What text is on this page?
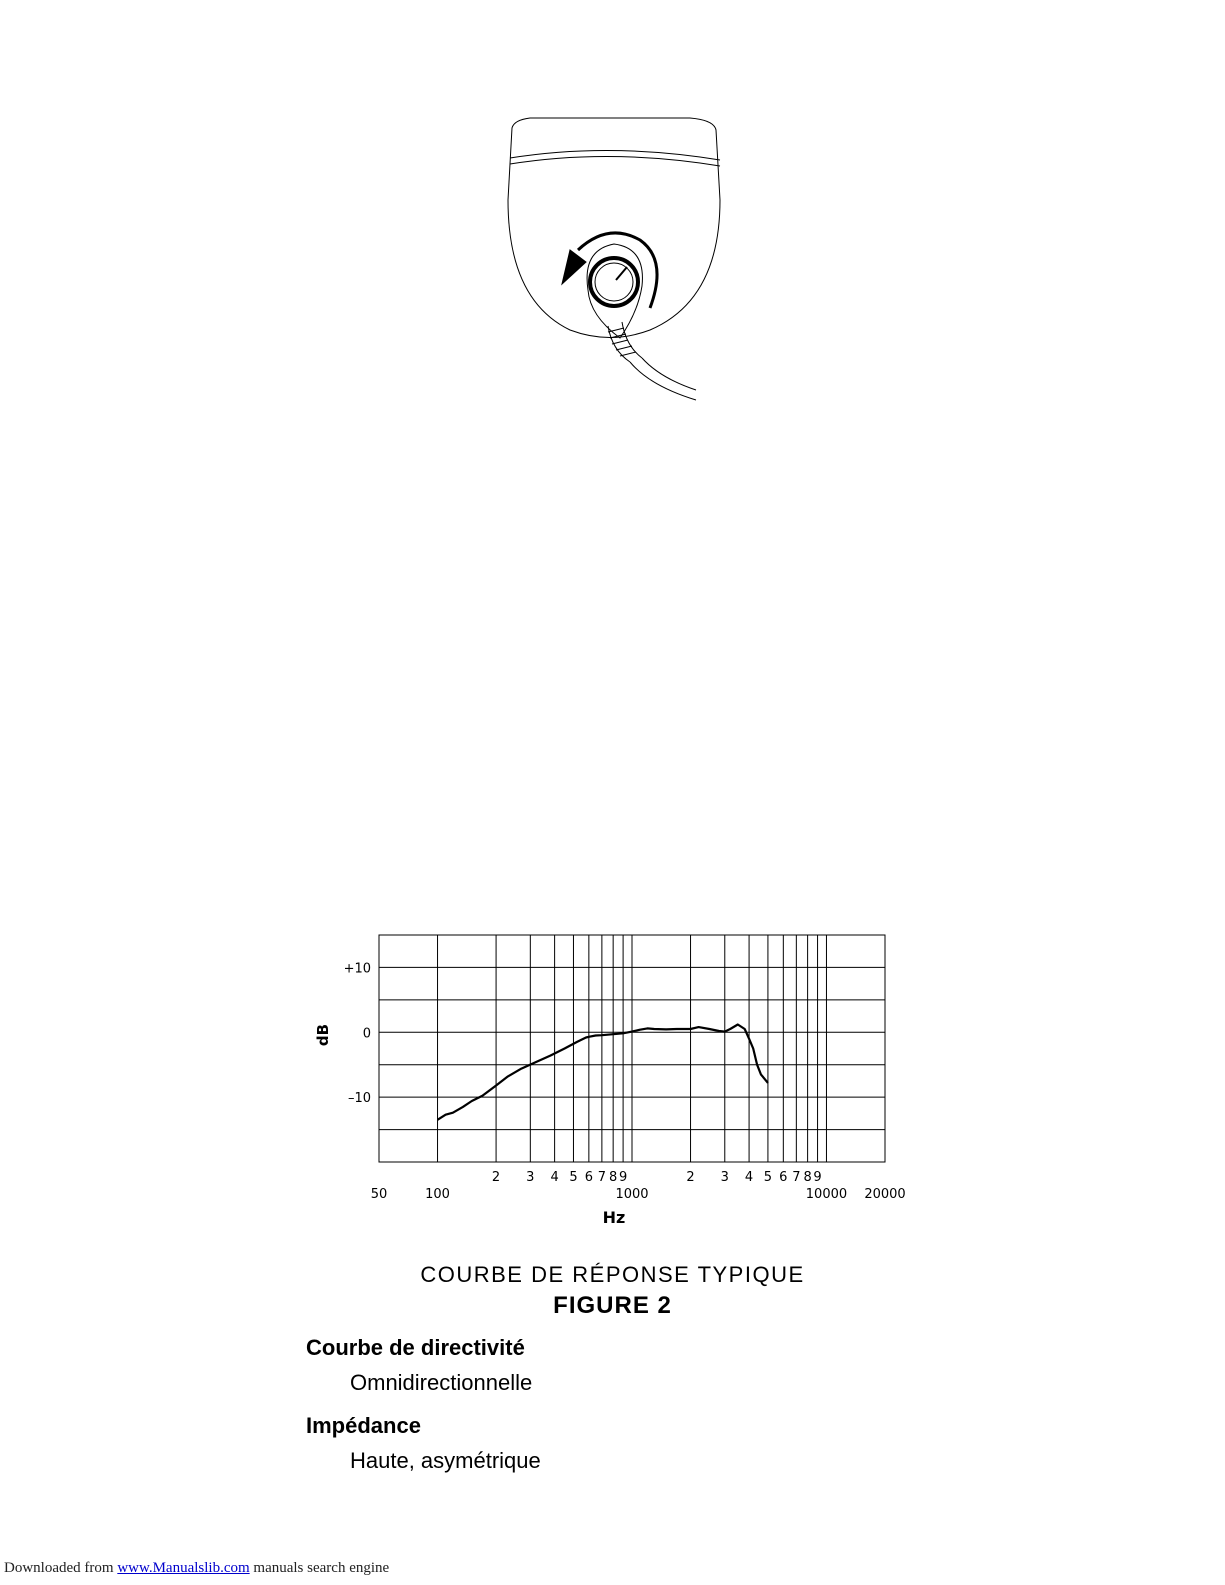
+10
0
–10
50	100	1000	10000 20000
2 3 4 5 6 7 8 9	2 3 4 5 6 7 8 9
dB
Hz
COURBE DE RÉPONSE TYPIQUE
FIGURE 2
Courbe de directivité
Omnidirectionnelle
Impédance
Haute, asymétrique
Downloaded from www.Manualslib.com manuals search engine
